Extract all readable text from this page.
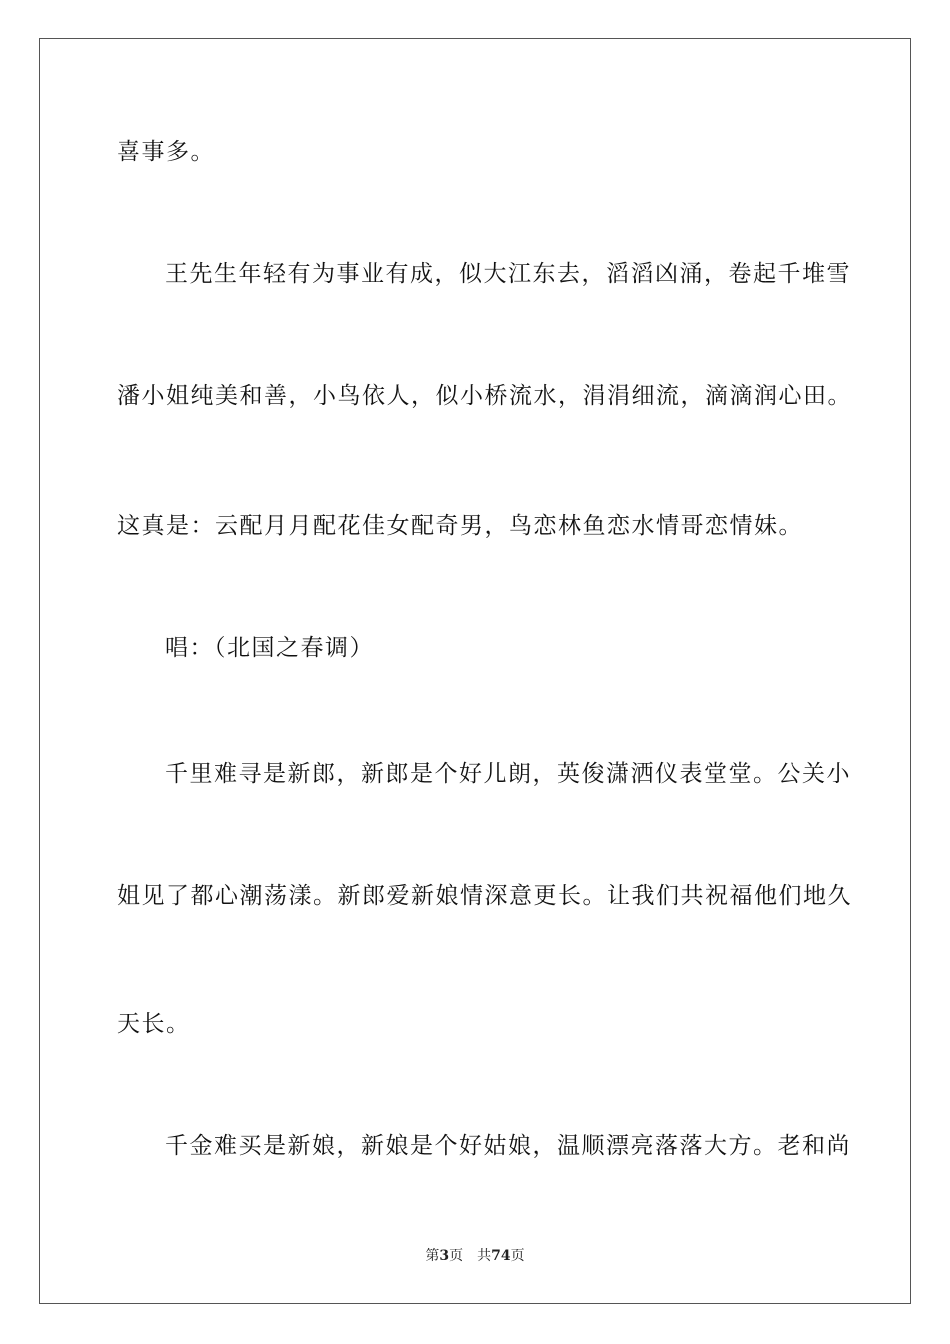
喜事多。
王先生年轻有为事业有成，似大江东去，滔滔凶涌，卷起千堆雪
潘小姐纯美和善，小鸟依人，似小桥流水，涓涓细流，滴滴润心田。
这真是：云配月月配花佳女配奇男，鸟恋林鱼恋水情哥恋情妹。
唱：（北国之春调）
千里难寻是新郎，新郎是个好儿朗，英俊潇洒仪表堂堂。公关小
姐见了都心潮荡漾。新郎爱新娘情深意更长。让我们共祝福他们地久
天长。
千金难买是新娘，新娘是个好姑娘，温顺漂亮落落大方。老和尚
第3页 共74页
